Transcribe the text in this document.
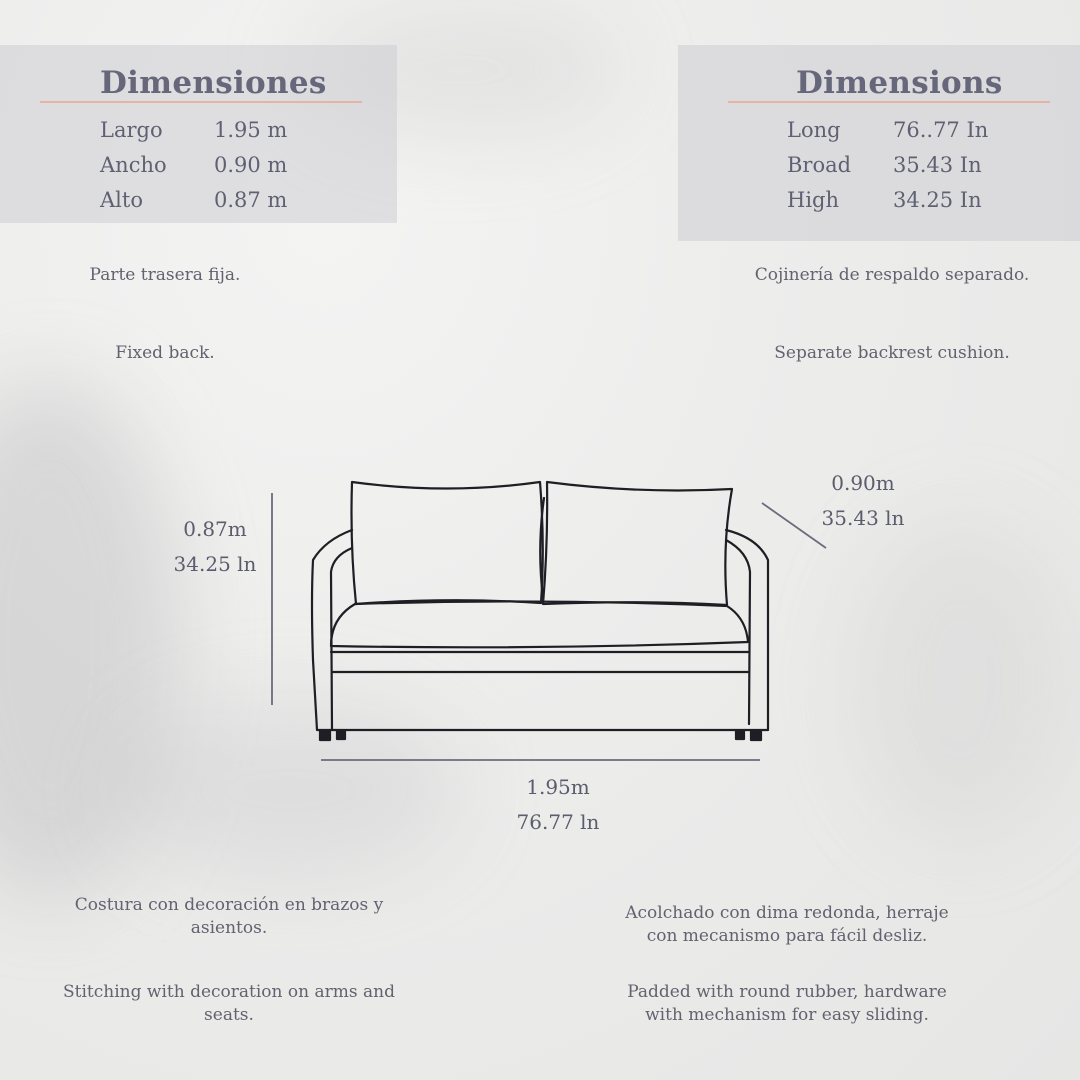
Dimensiones
Largo 1.95 m
Ancho 0.90 m
Alto	0.87 m
Dimensions
Long 76..77 In
Broad 35.43 In
High	34.25 In
Parte trasera fija.
Fixed back.
Cojinería de respaldo separado.
Separate backrest cushion.
Costura con decoración en brazos y asientos.
Stitching with decoration on arms and seats.
Acolchado con dima redonda, herraje con mecanismo para fácil desliz.
Padded with round rubber, hardware with mechanism for easy sliding.
0.87m
34.25 ln
0.90m
35.43 ln
1.95m
76.77 ln
